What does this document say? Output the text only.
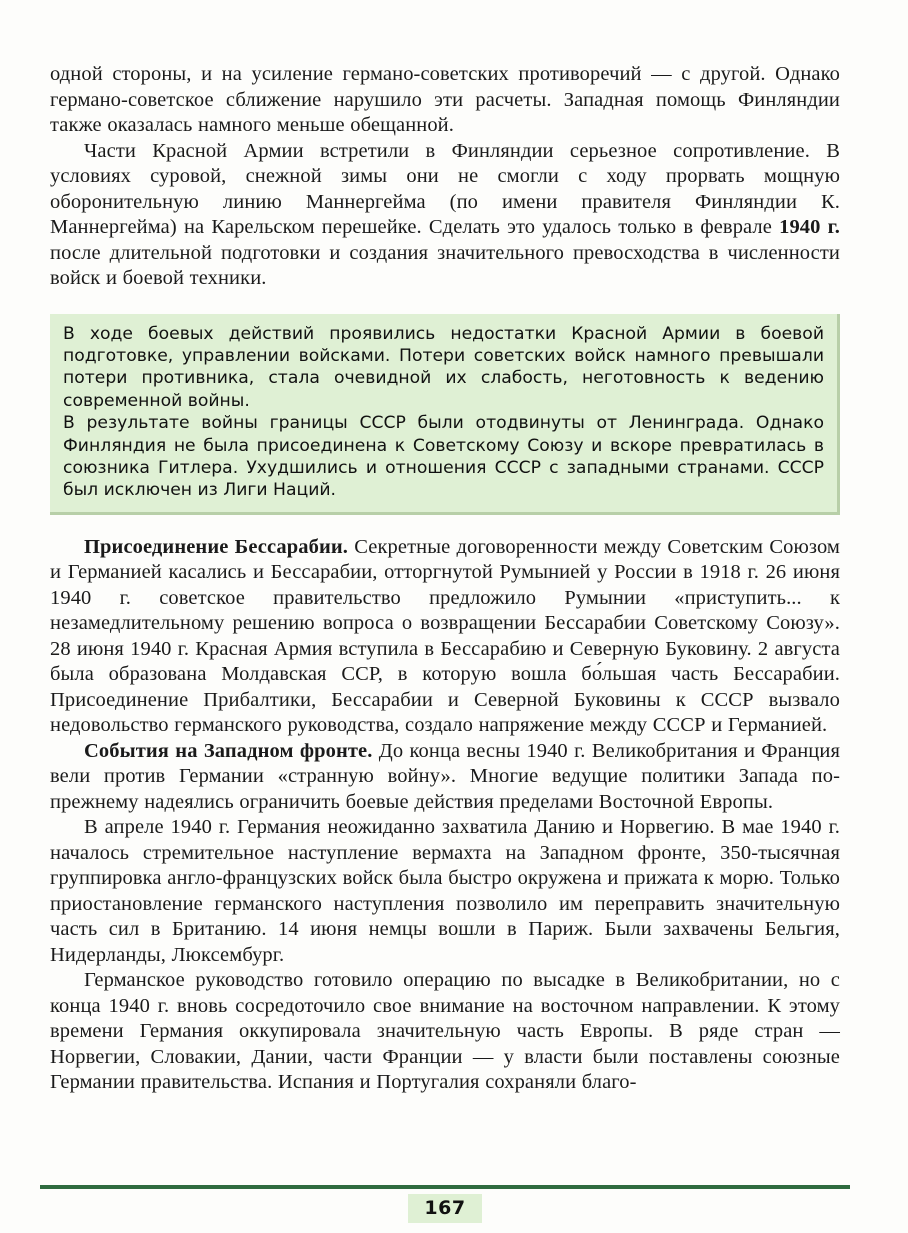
одной стороны, и на усиление германо-советских противоречий — с другой. Однако германо-советское сближение нарушило эти расчеты. Западная помощь Финляндии также оказалась намного меньше обещанной.

Части Красной Армии встретили в Финляндии серьезное сопротивление. В условиях суровой, снежной зимы они не смогли с ходу прорвать мощную оборонительную линию Маннергейма (по имени правителя Финляндии К. Маннергейма) на Карельском перешейке. Сделать это удалось только в феврале 1940 г. после длительной подготовки и создания значительного превосходства в численности войск и боевой техники.

В ходе боевых действий проявились недостатки Красной Армии в боевой подготовке, управлении войсками. Потери советских войск намного превышали потери противника, стала очевидной их слабость, неготовность к ведению современной войны.

В результате войны границы СССР были отодвинуты от Ленинграда. Однако Финляндия не была присоединена к Советскому Союзу и вскоре превратилась в союзника Гитлера. Ухудшились и отношения СССР с западными странами. СССР был исключен из Лиги Наций.

Присоединение Бессарабии. Секретные договоренности между Советским Союзом и Германией касались и Бессарабии, отторгнутой Румынией у России в 1918 г. 26 июня 1940 г. советское правительство предложило Румынии «приступить... к незамедлительному решению вопроса о возвращении Бессарабии Советскому Союзу». 28 июня 1940 г. Красная Армия вступила в Бессарабию и Северную Буковину. 2 августа была образована Молдавская ССР, в которую вошла бо́льшая часть Бессарабии. Присоединение Прибалтики, Бессарабии и Северной Буковины к СССР вызвало недовольство германского руководства, создало напряжение между СССР и Германией.

События на Западном фронте. До конца весны 1940 г. Великобритания и Франция вели против Германии «странную войну». Многие ведущие политики Запада по-прежнему надеялись ограничить боевые действия пределами Восточной Европы.

В апреле 1940 г. Германия неожиданно захватила Данию и Норвегию. В мае 1940 г. началось стремительное наступление вермахта на Западном фронте, 350-тысячная группировка англо-французских войск была быстро окружена и прижата к морю. Только приостановление германского наступления позволило им переправить значительную часть сил в Британию. 14 июня немцы вошли в Париж. Были захвачены Бельгия, Нидерланды, Люксембург.

Германское руководство готовило операцию по высадке в Великобритании, но с конца 1940 г. вновь сосредоточило свое внимание на восточном направлении. К этому времени Германия оккупировала значительную часть Европы. В ряде стран — Норвегии, Словакии, Дании, части Франции — у власти были поставлены союзные Германии правительства. Испания и Португалия сохраняли благо-

167
